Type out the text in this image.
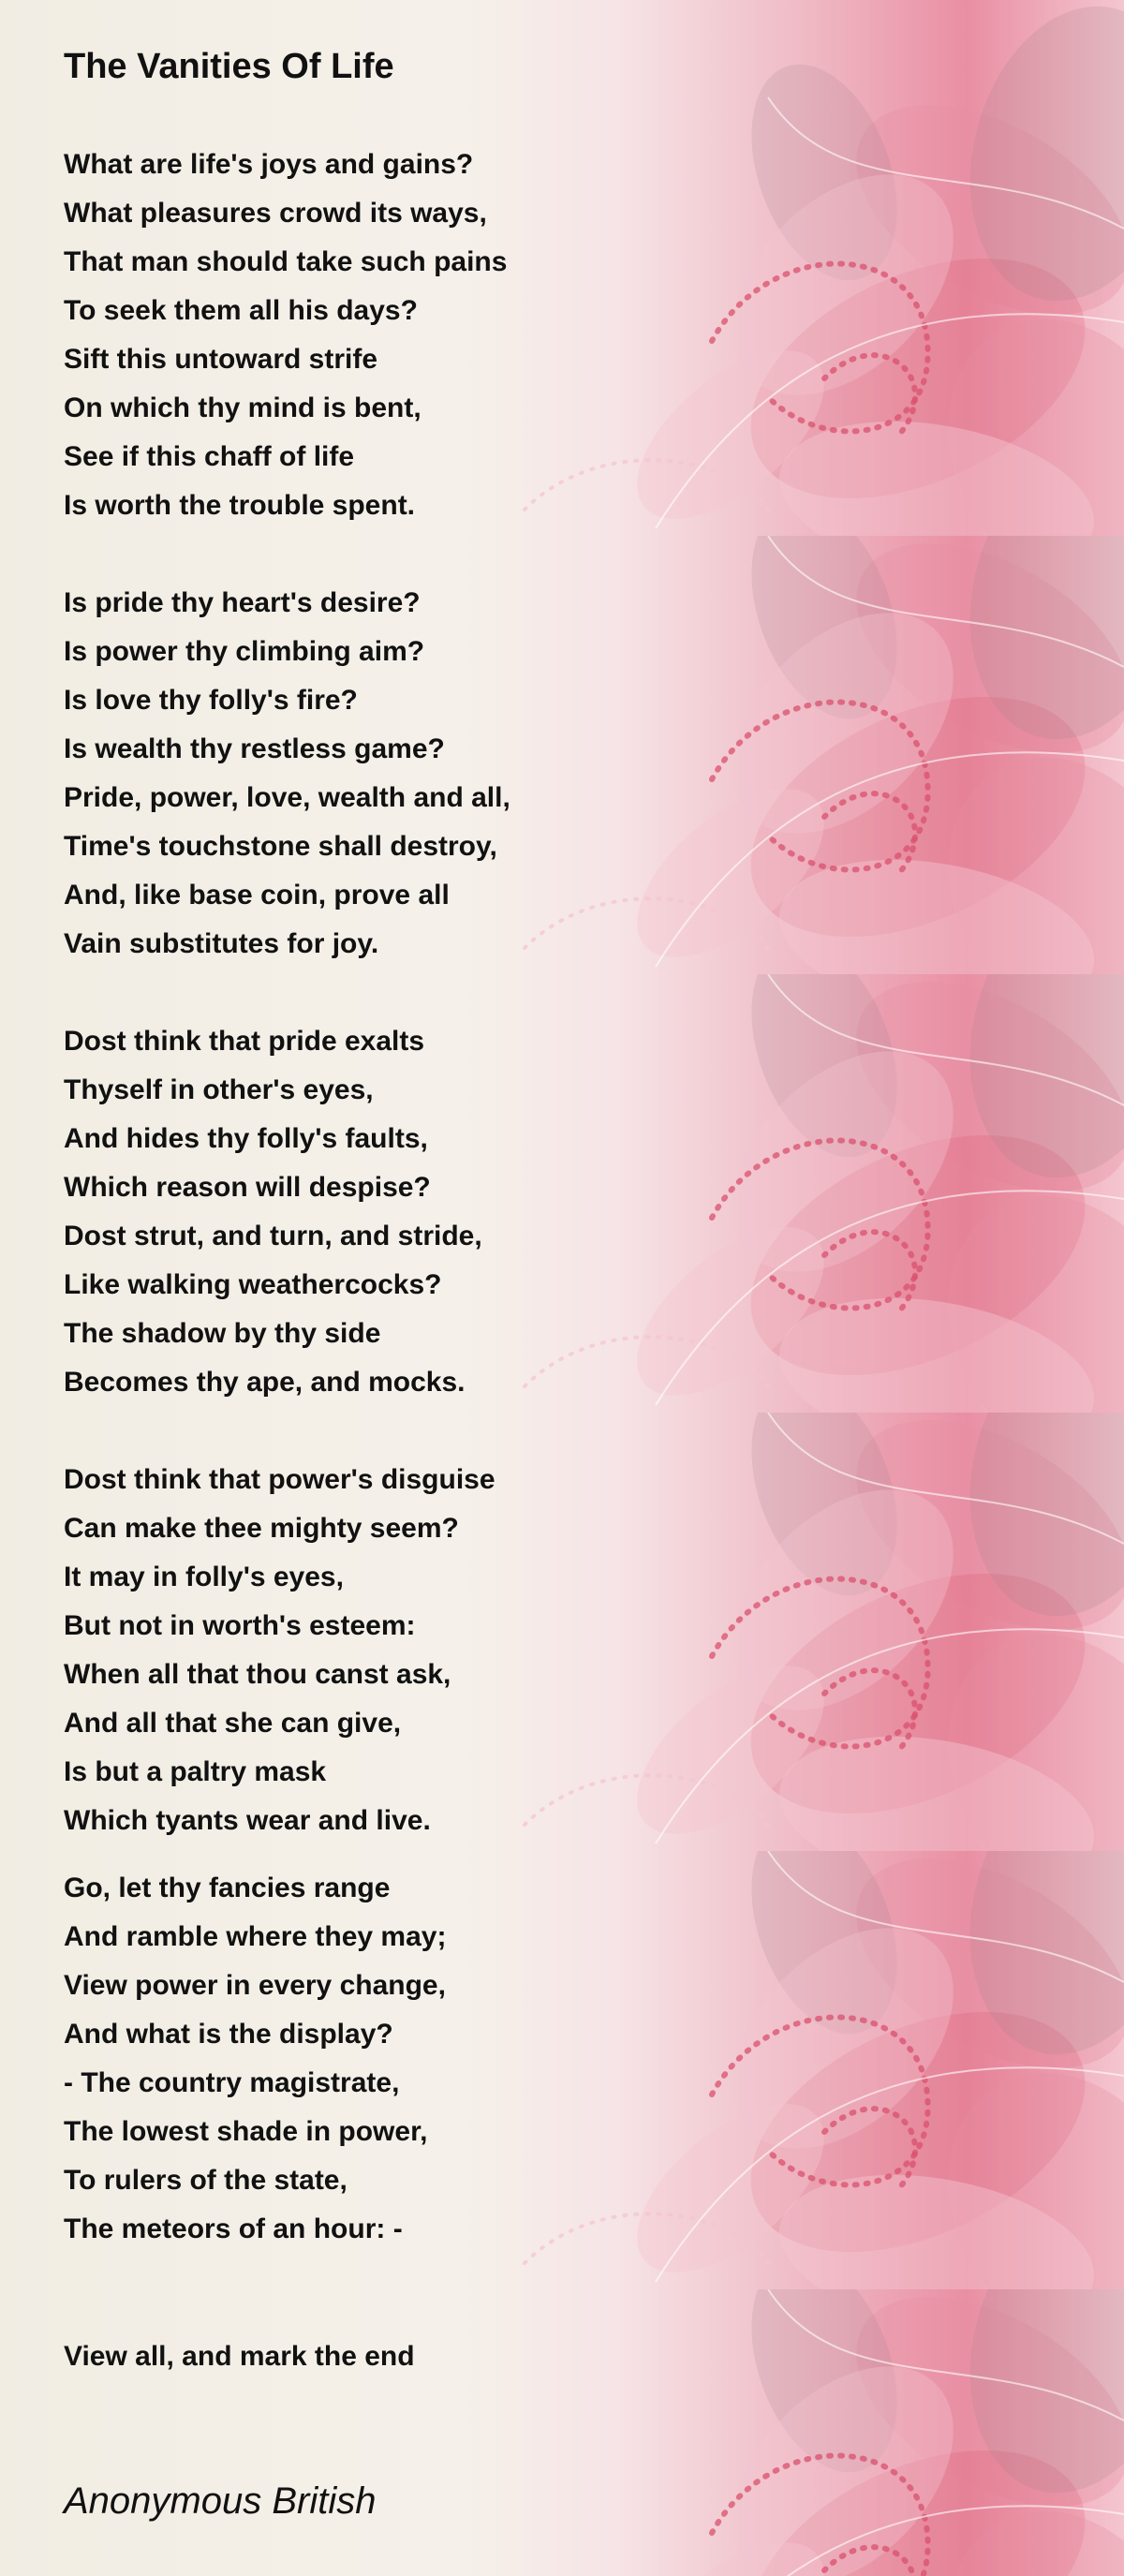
The Vanities Of Life
What are life's joys and gains?
What pleasures crowd its ways,
That man should take such pains
To seek them all his days?
Sift this untoward strife
On which thy mind is bent,
See if this chaff of life
Is worth the trouble spent.
Is pride thy heart's desire?
Is power thy climbing aim?
Is love thy folly's fire?
Is wealth thy restless game?
Pride, power, love, wealth and all,
Time's touchstone shall destroy,
And, like base coin, prove all
Vain substitutes for joy.
Dost think that pride exalts
Thyself in other's eyes,
And hides thy folly's faults,
Which reason will despise?
Dost strut, and turn, and stride,
Like walking weathercocks?
The shadow by thy side
Becomes thy ape, and mocks.
Dost think that power's disguise
Can make thee mighty seem?
It may in folly's eyes,
But not in worth's esteem:
When all that thou canst ask,
And all that she can give,
Is but a paltry mask
Which tyants wear and live.
Go, let thy fancies range
And ramble where they may;
View power in every change,
And what is the display?
- The country magistrate,
The lowest shade in power,
To rulers of the state,
The meteors of an hour: -
View all, and mark the end
Anonymous British
